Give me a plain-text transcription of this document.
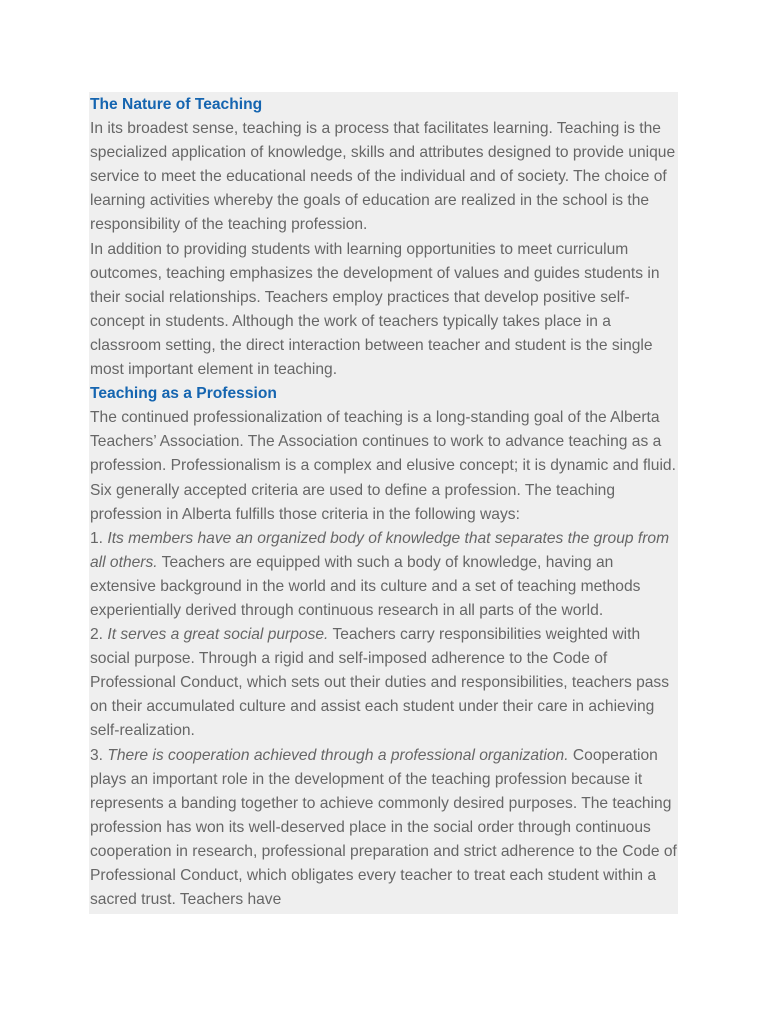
The Nature of Teaching

In its broadest sense, teaching is a process that facilitates learning. Teaching is the specialized application of knowledge, skills and attributes designed to provide unique service to meet the educational needs of the individual and of society. The choice of learning activities whereby the goals of education are realized in the school is the responsibility of the teaching profession.

In addition to providing students with learning opportunities to meet curriculum outcomes, teaching emphasizes the development of values and guides students in their social relationships. Teachers employ practices that develop positive self-concept in students. Although the work of teachers typically takes place in a classroom setting, the direct interaction between teacher and student is the single most important element in teaching.

Teaching as a Profession

The continued professionalization of teaching is a long-standing goal of the Alberta Teachers’ Association. The Association continues to work to advance teaching as a profession. Professionalism is a complex and elusive concept; it is dynamic and fluid. Six generally accepted criteria are used to define a profession. The teaching profession in Alberta fulfills those criteria in the following ways:

1. Its members have an organized body of knowledge that separates the group from all others. Teachers are equipped with such a body of knowledge, having an extensive background in the world and its culture and a set of teaching methods experientially derived through continuous research in all parts of the world.

2. It serves a great social purpose. Teachers carry responsibilities weighted with social purpose. Through a rigid and self-imposed adherence to the Code of Professional Conduct, which sets out their duties and responsibilities, teachers pass on their accumulated culture and assist each student under their care in achieving self-realization.

3. There is cooperation achieved through a professional organization. Cooperation plays an important role in the development of the teaching profession because it represents a banding together to achieve commonly desired purposes. The teaching profession has won its well-deserved place in the social order through continuous cooperation in research, professional preparation and strict adherence to the Code of Professional Conduct, which obligates every teacher to treat each student within a sacred trust. Teachers have
